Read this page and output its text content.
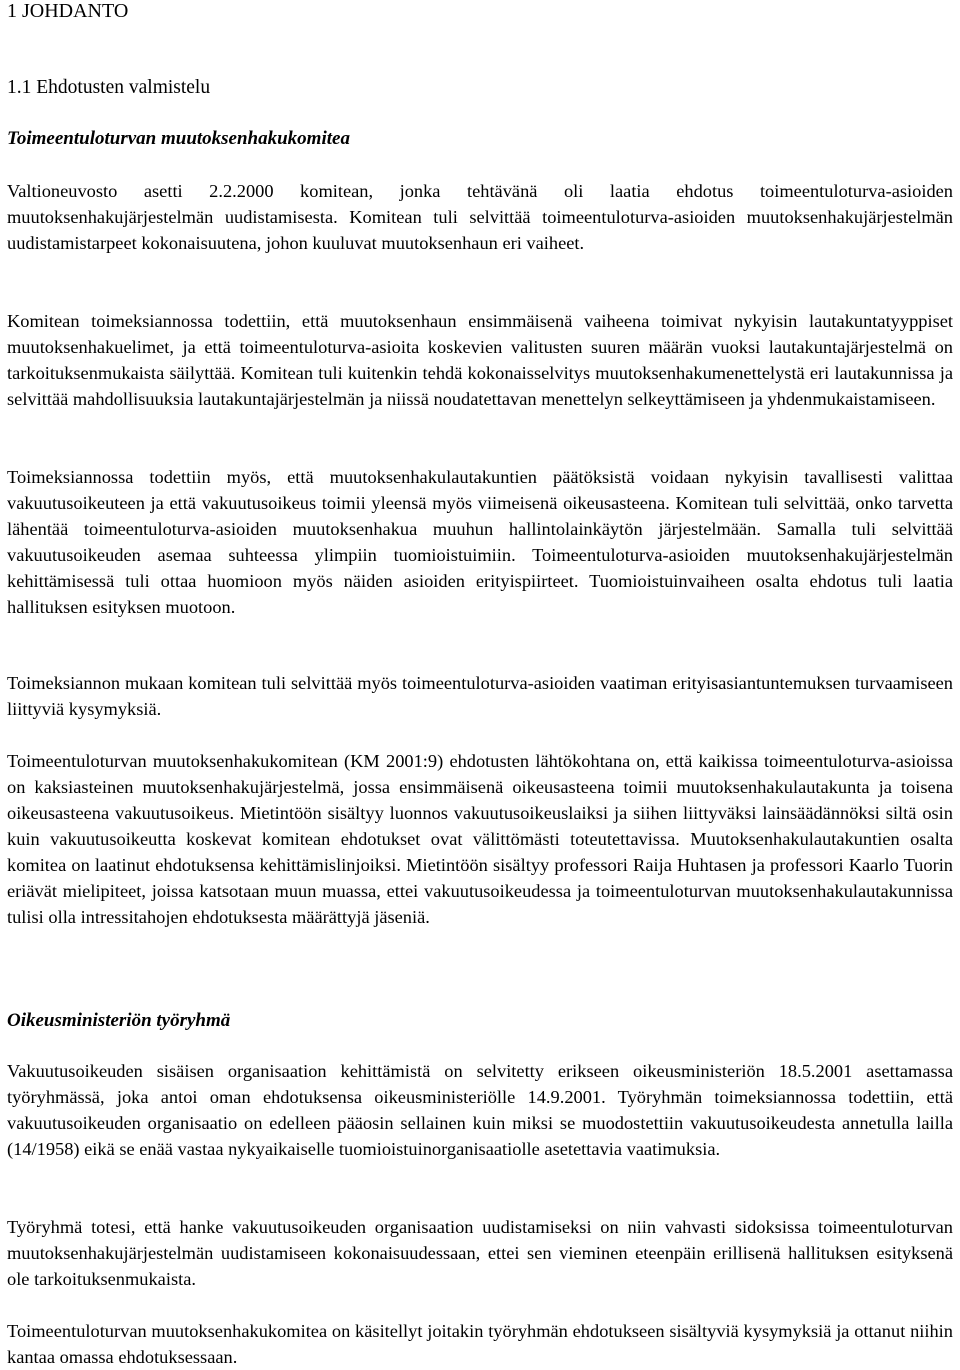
1 JOHDANTO
1.1 Ehdotusten valmistelu
Toimeentuloturvan muutoksenhakukomitea

Valtioneuvosto asetti 2.2.2000 komitean, jonka tehtävänä oli laatia ehdotus toimeentuloturva-asioiden muutoksenhakujärjestelmän uudistamisesta. Komitean tuli selvittää toimeentuloturva-asioiden muutoksenhakujärjestelmän uudistamistarpeet kokonaisuutena, johon kuuluvat muutoksenhaun eri vaiheet.

Komitean toimeksiannossa todettiin, että muutoksenhaun ensimmäisenä vaiheena toimivat nykyisin lautakuntatyyppiset muutoksenhakuelimet, ja että toimeentuloturva-asioita koskevien valitusten suuren määrän vuoksi lautakuntajärjestelmä on tarkoituksenmukaista säilyttää. Komitean tuli kuitenkin tehdä kokonaisselvitys muutoksenhakumenettelystä eri lautakunnissa ja selvittää mahdollisuuksia lautakuntajärjestelmän ja niissä noudatettavan menettelyn selkeyttämiseen ja yhdenmukaistamiseen.

Toimeksiannossa todettiin myös, että muutoksenhakulautakuntien päätöksistä voidaan nykyisin tavallisesti valittaa vakuutusoikeuteen ja että vakuutusoikeus toimii yleensä myös viimeisenä oikeusasteena. Komitean tuli selvittää, onko tarvetta lähentää toimeentuloturva-asioiden muutoksenhakua muuhun hallintolainkäytön järjestelmään. Samalla tuli selvittää vakuutusoikeuden asemaa suhteessa ylimpiin tuomioistuimiin. Toimeentuloturva-asioiden muutoksenhakujärjestelmän kehittämisessä tuli ottaa huomioon myös näiden asioiden erityispiirteet. Tuomioistuinvaiheen osalta ehdotus tuli laatia hallituksen esityksen muotoon.

Toimeksiannon mukaan komitean tuli selvittää myös toimeentuloturva-asioiden vaatiman erityisasiantuntemuksen turvaamiseen liittyviä kysymyksiä.

Toimeentuloturvan muutoksenhakukomitean (KM 2001:9) ehdotusten lähtökohtana on, että kaikissa toimeentuloturva-asioissa on kaksiasteinen muutoksenhakujärjestelmä, jossa ensimmäisenä oikeusasteena toimii muutoksenhakulautakunta ja toisena oikeusasteena vakuutusoikeus. Mietintöön sisältyy luonnos vakuutusoikeuslaiksi ja siihen liittyväksi lainsäädännöksi siltä osin kuin vakuutusoikeutta koskevat komitean ehdotukset ovat välittömästi toteutettavissa. Muutoksenhakulautakuntien osalta komitea on laatinut ehdotuksensa kehittämislinjoiksi. Mietintöön sisältyy professori Raija Huhtasen ja professori Kaarlo Tuorin eriävät mielipiteet, joissa katsotaan muun muassa, ettei vakuutusoikeudessa ja toimeentuloturvan muutoksenhakulautakunnissa tulisi olla intressitahojen ehdotuksesta määrättyjä jäseniä.

Oikeusministeriön työryhmä

Vakuutusoikeuden sisäisen organisaation kehittämistä on selvitetty erikseen oikeusministeriön 18.5.2001 asettamassa työryhmässä, joka antoi oman ehdotuksensa oikeusministeriölle 14.9.2001. Työryhmän toimeksiannossa todettiin, että vakuutusoikeuden organisaatio on edelleen pääosin sellainen kuin miksi se muodostettiin vakuutusoikeudesta annetulla lailla (14/1958) eikä se enää vastaa nykyaikaiselle tuomioistuinorganisaatiolle asetettavia vaatimuksia.

Työryhmä totesi, että hanke vakuutusoikeuden organisaation uudistamiseksi on niin vahvasti sidoksissa toimeentuloturvan muutoksenhakujärjestelmän uudistamiseen kokonaisuudessaan, ettei sen vieminen eteenpäin erillisenä hallituksen esityksenä ole tarkoituksenmukaista.

Toimeentuloturvan muutoksenhakukomitea on käsitellyt joitakin työryhmän ehdotukseen sisältyviä kysymyksiä ja ottanut niihin kantaa omassa ehdotuksessaan.
